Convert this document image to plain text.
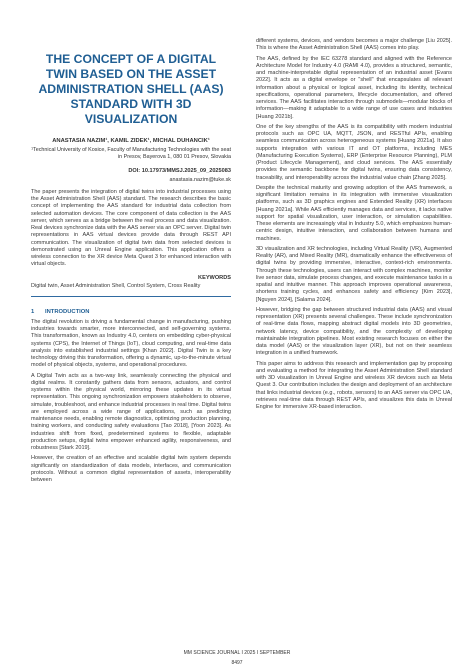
THE CONCEPT OF A DIGITAL TWIN BASED ON THE ASSET ADMINISTRATION SHELL (AAS) STANDARD WITH 3D VISUALIZATION
ANASTASIA NAZIM¹, KAMIL ZIDEK¹, MICHAL DUHANCIK¹
¹Technical University of Kosice, Faculty of Manufacturing Technologies with the seat in Presov, Bayerova 1, 080 01 Presov, Slovakia
DOI: 10.17973/MMSJ.2025_09_2025083
anastasia.nazim@tuke.sk

The paper presents the integration of digital twins into industrial processes using the Asset Administration Shell (AAS) standard. The research describes the basic concept of implementing the AAS standard for industrial data collection from selected automation devices. The core component of data collection is the AAS server, which serves as a bridge between the real process and data visualization. Real devices synchronize data with the AAS server via an OPC server. Digital twin representations in AAS virtual devices provide data through REST API communication. The visualization of digital twin data from selected devices is demonstrated using an Unreal Engine application. This application offers a wireless connection to the XR device Meta Quest 3 for enhanced interaction with virtual objects.

KEYWORDS
Digital twin, Asset Administration Shell, Control System, Cross Reality
1 INTRODUCTION

The digital revolution is driving a fundamental change in manufacturing, pushing industries towards smarter, more interconnected, and self-governing systems. This transformation, known as Industry 4.0, centers on embedding cyber-physical systems (CPS), the Internet of Things (IoT), cloud computing, and real-time data analysis into established industrial settings [Khan 2022]. Digital Twin is a key technology driving this transformation, offering a dynamic, up-to-the-minute virtual model of physical objects, systems, and operational procedures.

A Digital Twin acts as a two-way link, seamlessly connecting the physical and digital realms. It constantly gathers data from sensors, actuators, and control systems within the physical world, mirroring these updates in its virtual representation. This ongoing synchronization empowers stakeholders to observe, simulate, troubleshoot, and enhance industrial processes in real time. Digital twins are employed across a wide range of applications, such as predicting maintenance needs, enabling remote diagnostics, optimizing production planning, training workers, and conducting safety evaluations [Tao 2018], [Yoon 2023]. As industries shift from fixed, predetermined systems to flexible, adaptable production setups, digital twins empower enhanced agility, responsiveness, and robustness [Stark 2019].

However, the creation of an effective and scalable digital twin system depends significantly on standardization of data models, interfaces, and communication protocols. Without a common digital representation of assets, interoperability between

different systems, devices, and vendors becomes a major challenge [Liu 2025]. This is where the Asset Administration Shell (AAS) comes into play.

The AAS, defined by the IEC 63278 standard and aligned with the Reference Architecture Model for Industry 4.0 (RAMI 4.0), provides a structured, semantic, and machine-interpretable digital representation of an industrial asset [Evans 2022]. It acts as a digital envelope or "shell" that encapsulates all relevant information about a physical or logical asset, including its identity, technical specifications, operational parameters, lifecycle documentation, and offered services. The AAS facilitates interaction through submodels—modular blocks of information—making it adaptable to a wide range of use cases and industries [Huang 2021b].

One of the key strengths of the AAS is its compatibility with modern industrial protocols such as OPC UA, MQTT, JSON, and RESTful APIs, enabling seamless communication across heterogeneous systems [Huang 2021a]. It also supports integration with various IT and OT platforms, including MES (Manufacturing Execution Systems), ERP (Enterprise Resource Planning), PLM (Product Lifecycle Management), and cloud services. The AAS essentially provides the semantic backbone for digital twins, ensuring data consistency, traceability, and interoperability across the industrial value chain [Zhang 2025].

Despite the technical maturity and growing adoption of the AAS framework, a significant limitation remains in its integration with immersive visualization platforms, such as 3D graphics engines and Extended Reality (XR) interfaces [Huang 2021a]. While AAS efficiently manages data and services, it lacks native support for spatial visualization, user interaction, or simulation capabilities. These elements are increasingly vital in Industry 5.0, which emphasizes human-centric design, intuitive interaction, and collaboration between humans and machines.

3D visualization and XR technologies, including Virtual Reality (VR), Augmented Reality (AR), and Mixed Reality (MR), dramatically enhance the effectiveness of digital twins by providing immersive, interactive, context-rich environments. Through these technologies, users can interact with complex machines, monitor live sensor data, simulate process changes, and execute maintenance tasks in a spatial and intuitive manner. This approach improves operational awareness, shortens training cycles, and enhances safety and efficiency [Kim 2023], [Nguyen 2024], [Salama 2024].

However, bridging the gap between structured industrial data (AAS) and visual representation (XR) presents several challenges. These include synchronization of real-time data flows, mapping abstract digital models into 3D geometries, network latency, device compatibility, and the complexity of developing maintainable integration pipelines. Most existing research focuses on either the data model (AAS) or the visualization layer (XR), but not on their seamless integration in a unified framework.

This paper aims to address this research and implementation gap by proposing and evaluating a method for integrating the Asset Administration Shell standard with 3D visualization in Unreal Engine and wireless XR devices such as Meta Quest 3. Our contribution includes the design and deployment of an architecture that links industrial devices (e.g., robots, sensors) to an AAS server via OPC UA, retrieves real-time data through REST APIs, and visualizes this data in Unreal Engine for immersive XR-based interaction.

MM SCIENCE JOURNAL I 2025 I SEPTEMBER
8497
